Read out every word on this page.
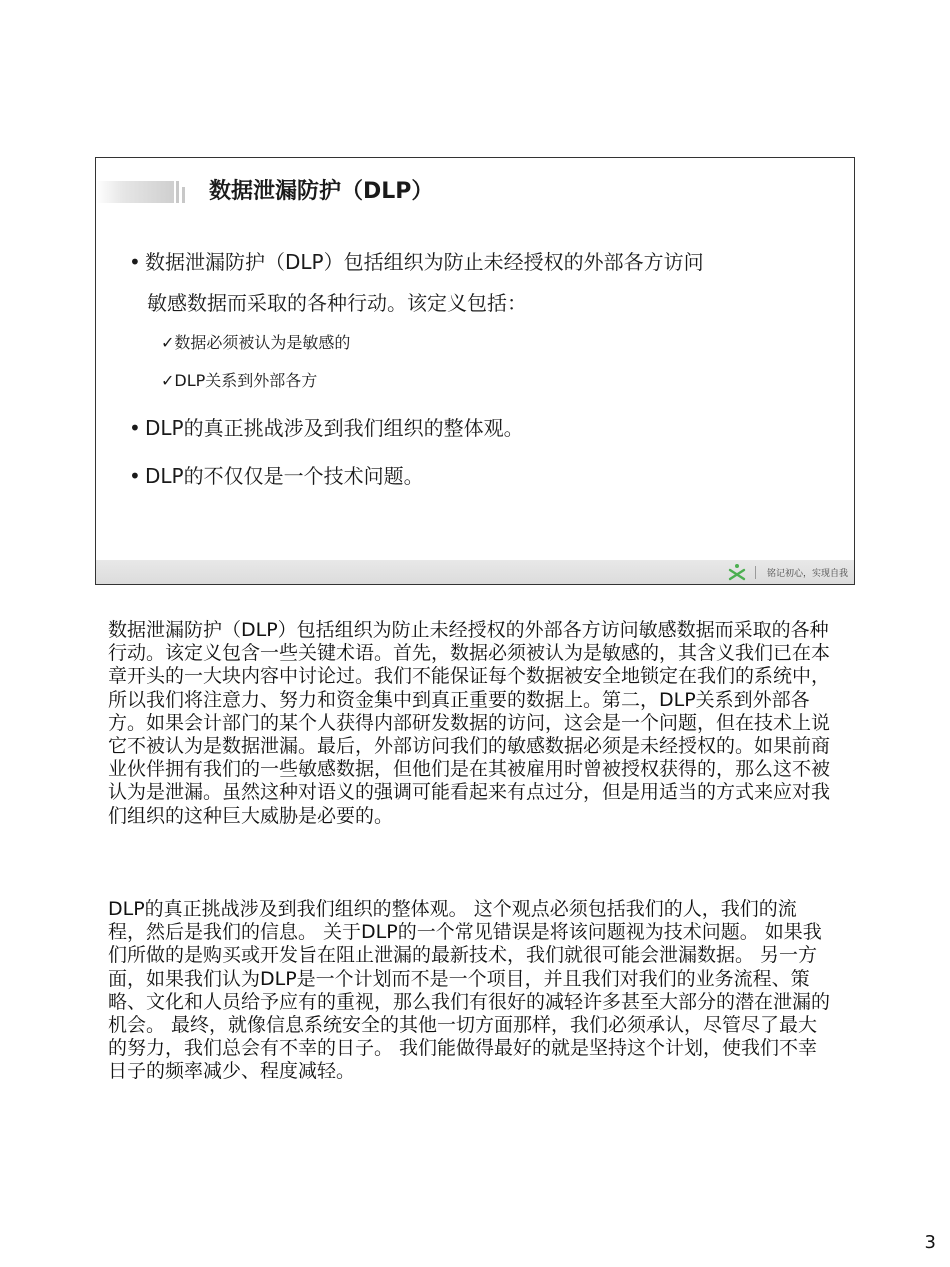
数据泄漏防护（DLP）
• 数据泄漏防护（DLP）包括组织为防止未经授权的外部各方访问
敏感数据而采取的各种行动。该定义包括：
✓数据必须被认为是敏感的
✓DLP关系到外部各方
• DLP的真正挑战涉及到我们组织的整体观。
• DLP的不仅仅是一个技术问题。
铭记初心，实现自我

数据泄漏防护（DLP）包括组织为防止未经授权的外部各方访问敏感数据而采取的各种行动。该定义包含一些关键术语。首先，数据必须被认为是敏感的，其含义我们已在本章开头的一大块内容中讨论过。我们不能保证每个数据被安全地锁定在我们的系统中，所以我们将注意力、努力和资金集中到真正重要的数据上。第二，DLP关系到外部各方。如果会计部门的某个人获得内部研发数据的访问，这会是一个问题，但在技术上说它不被认为是数据泄漏。最后，外部访问我们的敏感数据必须是未经授权的。如果前商业伙伴拥有我们的一些敏感数据，但他们是在其被雇用时曾被授权获得的，那么这不被认为是泄漏。虽然这种对语义的强调可能看起来有点过分，但是用适当的方式来应对我们组织的这种巨大威胁是必要的。

DLP的真正挑战涉及到我们组织的整体观。 这个观点必须包括我们的人，我们的流程，然后是我们的信息。 关于DLP的一个常见错误是将该问题视为技术问题。 如果我们所做的是购买或开发旨在阻止泄漏的最新技术，我们就很可能会泄漏数据。 另一方面，如果我们认为DLP是一个计划而不是一个项目，并且我们对我们的业务流程、策略、文化和人员给予应有的重视，那么我们有很好的减轻许多甚至大部分的潜在泄漏的机会。 最终，就像信息系统安全的其他一切方面那样，我们必须承认，尽管尽了最大的努力，我们总会有不幸的日子。 我们能做得最好的就是坚持这个计划，使我们不幸日子的频率减少、程度减轻。

3
